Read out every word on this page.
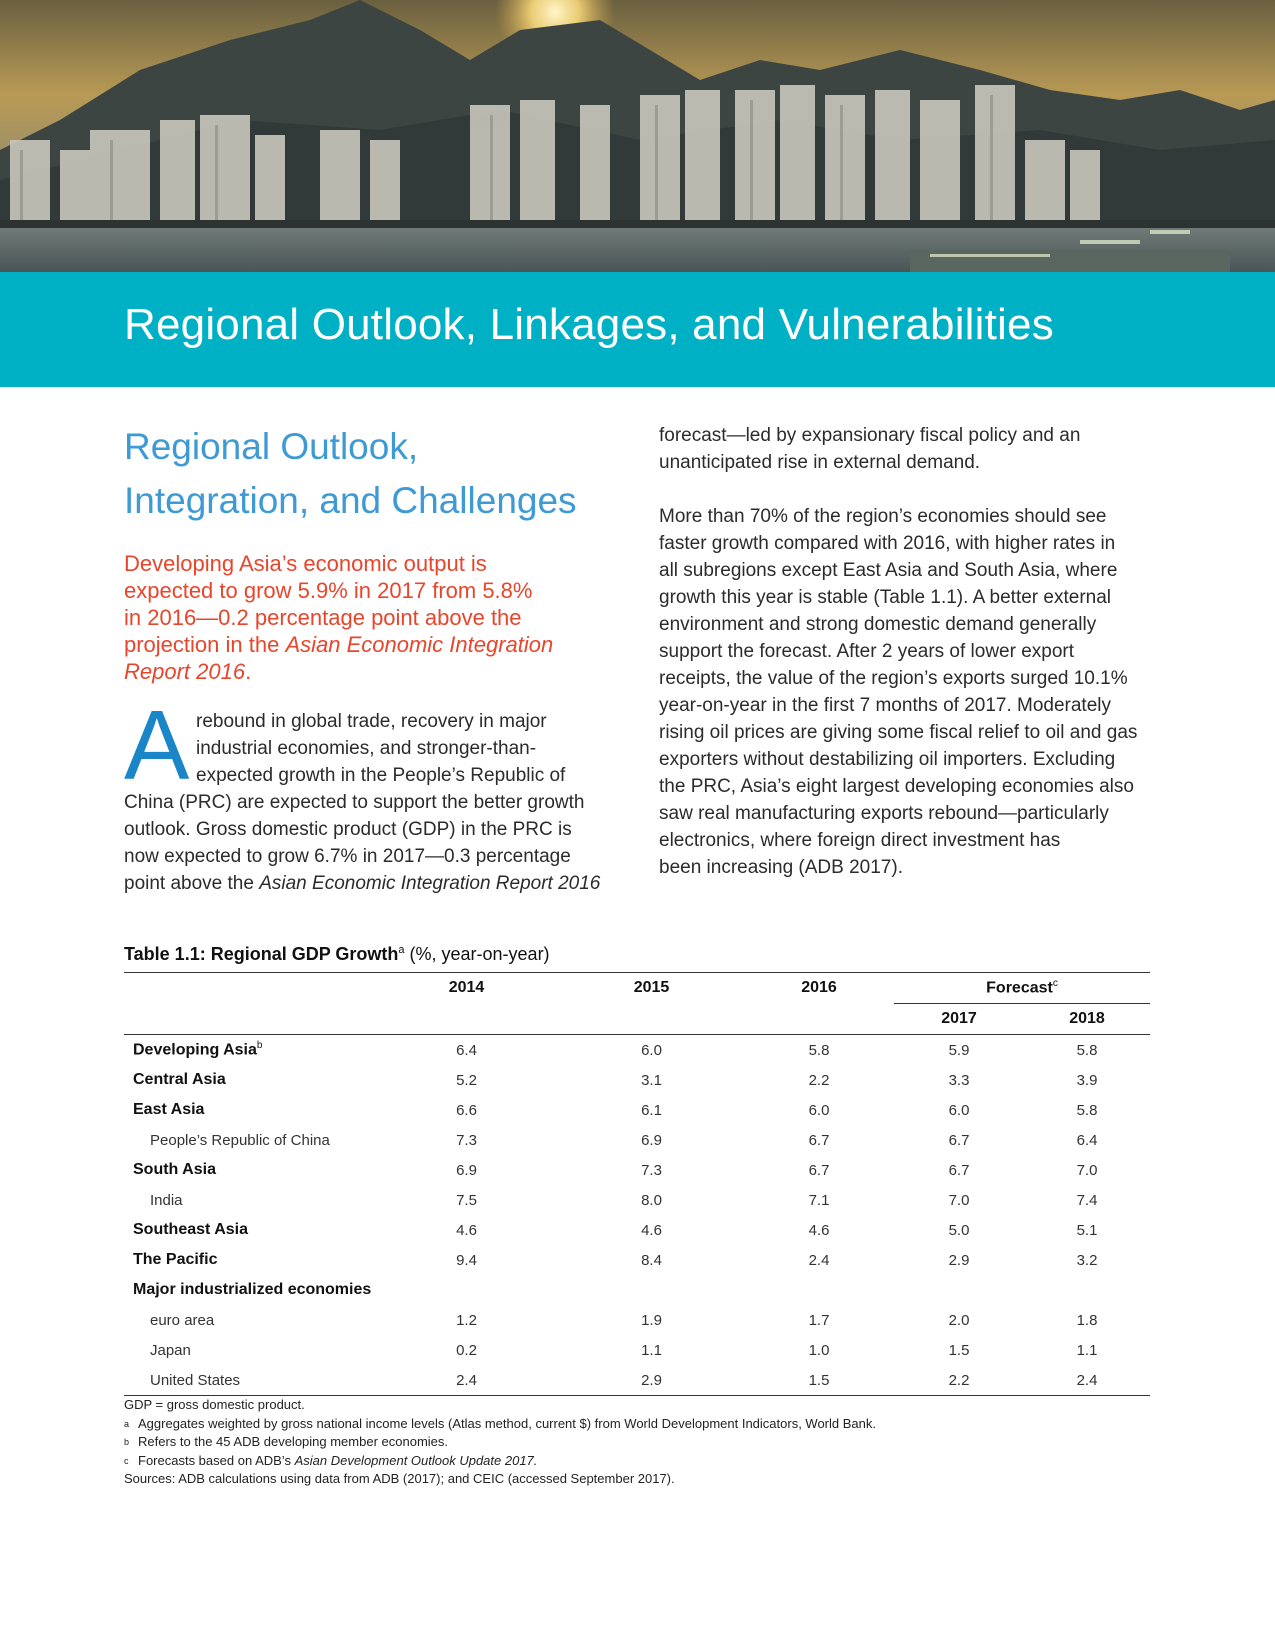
Regional Outlook, Linkages, and Vulnerabilities
Regional Outlook,
Integration, and Challenges

Developing Asia’s economic output is
expected to grow 5.9% in 2017 from 5.8%
in 2016—0.2 percentage point above the
projection in the Asian Economic Integration
Report 2016.

A rebound in global trade, recovery in major
industrial economies, and stronger-than-
expected growth in the People’s Republic of
China (PRC) are expected to support the better growth
outlook. Gross domestic product (GDP) in the PRC is
now expected to grow 6.7% in 2017—0.3 percentage
point above the Asian Economic Integration Report 2016

forecast—led by expansionary fiscal policy and an
unanticipated rise in external demand.
More than 70% of the region’s economies should see
faster growth compared with 2016, with higher rates in
all subregions except East Asia and South Asia, where
growth this year is stable (Table 1.1). A better external
environment and strong domestic demand generally
support the forecast. After 2 years of lower export
receipts, the value of the region’s exports surged 10.1%
year-on-year in the first 7 months of 2017. Moderately
rising oil prices are giving some fiscal relief to oil and gas
exporters without destabilizing oil importers. Excluding
the PRC, Asia’s eight largest developing economies also
saw real manufacturing exports rebound—particularly
electronics, where foreign direct investment has
been increasing (ADB 2017).
Table 1.1: Regional GDP Growth$^a$ (%, year-on-year)
	2014	2015	2016	Forecast$^c$
				2017	2018
Developing Asia$^b$	6.4	6.0	5.8	5.9	5.8
Central Asia	5.2	3.1	2.2	3.3	3.9
East Asia	6.6	6.1	6.0	6.0	5.8
People’s Republic of China	7.3	6.9	6.7	6.7	6.4
South Asia	6.9	7.3	6.7	6.7	7.0
India	7.5	8.0	7.1	7.0	7.4
Southeast Asia	4.6	4.6	4.6	5.0	5.1
The Pacific	9.4	8.4	2.4	2.9	3.2
Major industrialized economies					
euro area	1.2	1.9	1.7	2.0	1.8
Japan	0.2	1.1	1.0	1.5	1.1
United States	2.4	2.9	1.5	2.2	2.4
GDP = gross domestic product.
a Aggregates weighted by gross national income levels (Atlas method, current $) from World Development Indicators, World Bank.
b Refers to the 45 ADB developing member economies.
c Forecasts based on ADB’s Asian Development Outlook Update 2017.
Sources: ADB calculations using data from ADB (2017); and CEIC (accessed September 2017).
